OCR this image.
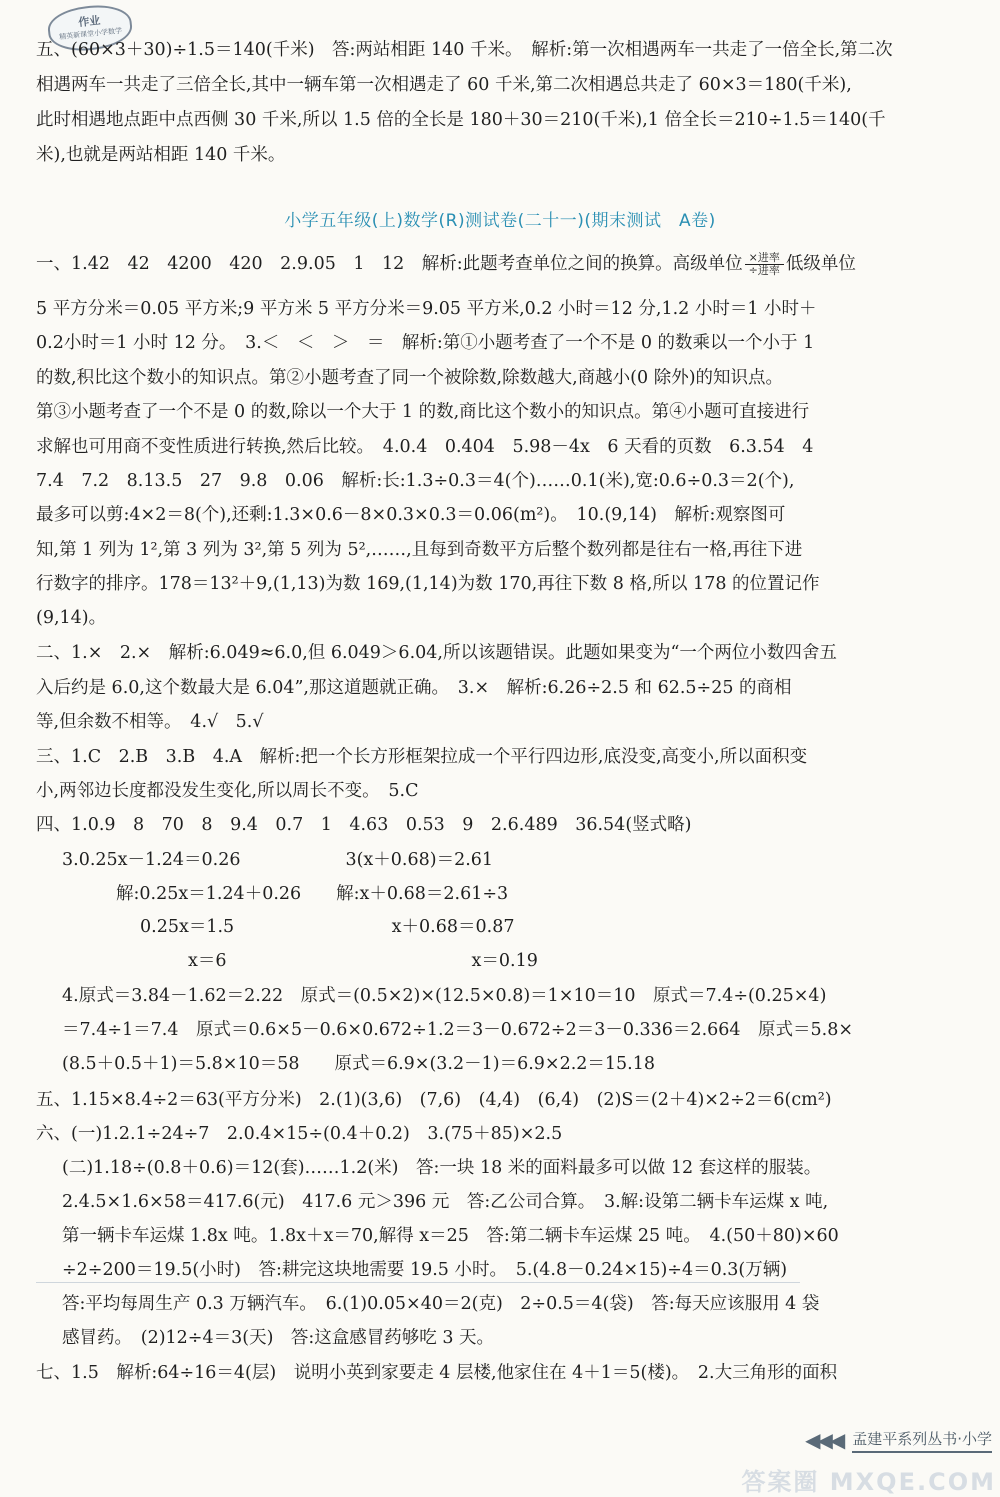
作业
精英新课堂小学数学
五、(60×3＋30)÷1.5＝140(千米)　答:两站相距 140 千米。　解析:第一次相遇两车一共走了一倍全长,第二次
相遇两车一共走了三倍全长,其中一辆车第一次相遇走了 60 千米,第二次相遇总共走了 60×3＝180(千米),
此时相遇地点距中点西侧 30 千米,所以 1.5 倍的全长是 180＋30＝210(千米),1 倍全长＝210÷1.5＝140(千
米),也就是两站相距 140 千米。
小学五年级(上)数学(R)测试卷(二十一)(期末测试　A卷)
一、1.42　42　4200　420　2.9.05　1　12　解析:此题考查单位之间的换算。高级单位 $\frac{\text{×进率}}{\text{÷进率}}$ 低级单位
5 平方分米＝0.05 平方米;9 平方米 5 平方分米＝9.05 平方米,0.2 小时＝12 分,1.2 小时＝1 小时＋
0.2小时＝1 小时 12 分。　3.＜　＜　＞　＝　解析:第①小题考查了一个不是 0 的数乘以一个小于 1
的数,积比这个数小的知识点。第②小题考查了同一个被除数,除数越大,商越小(0 除外)的知识点。
第③小题考查了一个不是 0 的数,除以一个大于 1 的数,商比这个数小的知识点。第④小题可直接进行
求解也可用商不变性质进行转换,然后比较。　4.0.4̇　0.404　5.98－4x　6 天看的页数　6.3.5̇4̇　4
7.4　7.2　8.13.5　27　9.8　0.06　解析:长:1.3÷0.3＝4(个)……0.1(米),宽:0.6÷0.3＝2(个),
最多可以剪:4×2＝8(个),还剩:1.3×0.6－8×0.3×0.3＝0.06(m²)。　10.(9,14)　解析:观察图可
知,第 1 列为 1²,第 3 列为 3²,第 5 列为 5²,……,且每到奇数平方后整个数列都是往右一格,再往下进
行数字的排序。178＝13²＋9,(1,13)为数 169,(1,14)为数 170,再往下数 8 格,所以 178 的位置记作
(9,14)。
二、1.×　2.×　解析:6.049≈6.0,但 6.049＞6.04,所以该题错误。此题如果变为“一个两位小数四舍五
入后约是 6.0,这个数最大是 6.04”,那这道题就正确。　3.×　解析:6.26÷2.5 和 62.5÷25 的商相
等,但余数不相等。　4.√　5.√
三、1.C　2.B　3.B　4.A　解析:把一个长方形框架拉成一个平行四边形,底没变,高变小,所以面积变
小,两邻边长度都没发生变化,所以周长不变。　5.C
四、1.0.9　8　70　8　9.4　0.7　1　4.63　0.53　9　2.6.489　36.54(竖式略)
3.0.25x－1.24＝0.26　　　　　　3(x＋0.68)＝2.61
解:0.25x＝1.24＋0.26　　解:x＋0.68＝2.61÷3
0.25x＝1.5　　　　　　　　　x＋0.68＝0.87
x＝6　　　　　　　　　　　　　　x＝0.19
4.原式＝3.84－1.62＝2.22　原式＝(0.5×2)×(12.5×0.8)＝1×10＝10　原式＝7.4÷(0.25×4)
＝7.4÷1＝7.4　原式＝0.6×5－0.6×0.672÷1.2＝3－0.672÷2＝3－0.336＝2.664　原式＝5.8×
(8.5＋0.5＋1)＝5.8×10＝58　　原式＝6.9×(3.2－1)＝6.9×2.2＝15.18
五、1.15×8.4÷2＝63(平方分米)　2.(1)(3,6)　(7,6)　(4,4)　(6,4)　(2)S＝(2＋4)×2÷2＝6(cm²)
六、(一)1.2.1÷24÷7　2.0.4×15÷(0.4＋0.2)　3.(75＋85)×2.5
(二)1.18÷(0.8＋0.6)＝12(套)……1.2(米)　答:一块 18 米的面料最多可以做 12 套这样的服装。
2.4.5×1.6×58＝417.6(元)　417.6 元＞396 元　答:乙公司合算。　3.解:设第二辆卡车运煤 x 吨,
第一辆卡车运煤 1.8x 吨。1.8x＋x＝70,解得 x＝25　答:第二辆卡车运煤 25 吨。　4.(50＋80)×60
÷2÷200＝19.5(小时)　答:耕完这块地需要 19.5 小时。　5.(4.8－0.24×15)÷4＝0.3(万辆)
答:平均每周生产 0.3 万辆汽车。　6.(1)0.05×40＝2(克)　2÷0.5＝4(袋)　答:每天应该服用 4 袋
感冒药。　(2)12÷4＝3(天)　答:这盒感冒药够吃 3 天。
七、1.5　解析:64÷16＝4(层)　说明小英到家要走 4 层楼,他家住在 4＋1＝5(楼)。　2.大三角形的面积
◀◀◀ 孟建平系列丛书·小学
答案圈 MXQE.COM
